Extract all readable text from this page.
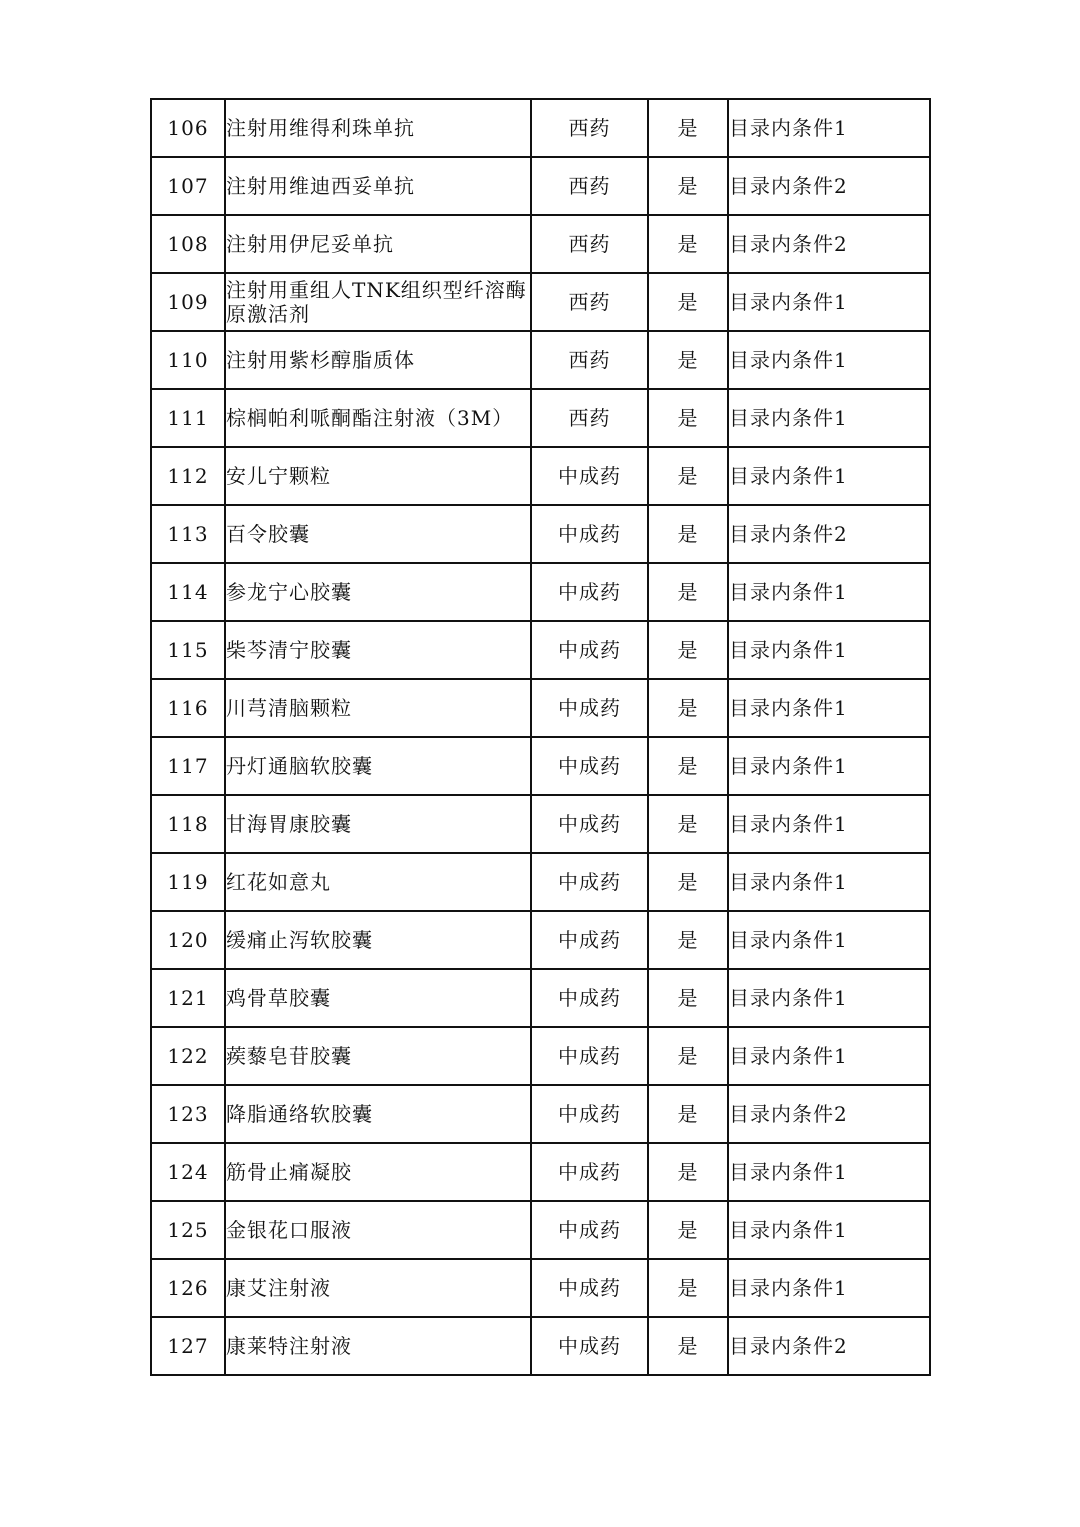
106	注射用维得利珠单抗	西药	是	目录内条件1
107	注射用维迪西妥单抗	西药	是	目录内条件2
108	注射用伊尼妥单抗	西药	是	目录内条件2
109	注射用重组人TNK组织型纤溶酶原激活剂	西药	是	目录内条件1
110	注射用紫杉醇脂质体	西药	是	目录内条件1
111	棕榈帕利哌酮酯注射液（3M）	西药	是	目录内条件1
112	安儿宁颗粒	中成药	是	目录内条件1
113	百令胶囊	中成药	是	目录内条件2
114	参龙宁心胶囊	中成药	是	目录内条件1
115	柴芩清宁胶囊	中成药	是	目录内条件1
116	川芎清脑颗粒	中成药	是	目录内条件1
117	丹灯通脑软胶囊	中成药	是	目录内条件1
118	甘海胃康胶囊	中成药	是	目录内条件1
119	红花如意丸	中成药	是	目录内条件1
120	缓痛止泻软胶囊	中成药	是	目录内条件1
121	鸡骨草胶囊	中成药	是	目录内条件1
122	蒺藜皂苷胶囊	中成药	是	目录内条件1
123	降脂通络软胶囊	中成药	是	目录内条件2
124	筋骨止痛凝胶	中成药	是	目录内条件1
125	金银花口服液	中成药	是	目录内条件1
126	康艾注射液	中成药	是	目录内条件1
127	康莱特注射液	中成药	是	目录内条件2
